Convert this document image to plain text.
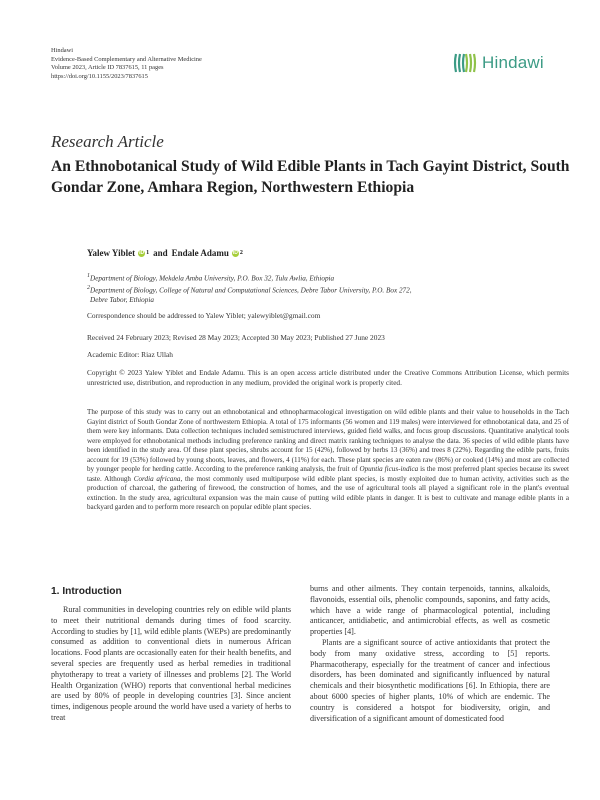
Hindawi
Evidence-Based Complementary and Alternative Medicine
Volume 2023, Article ID 7837615, 11 pages
https://doi.org/10.1155/2023/7837615
Hindawi
Research Article
An Ethnobotanical Study of Wild Edible Plants in Tach Gayint District, South Gondar Zone, Amhara Region, Northwestern Ethiopia
Yalew Yiblet iD 1 and Endale Adamu iD 2
$^1$Department of Biology, Mekdela Amba University, P.O. Box 32, Tulu Awlia, Ethiopia
$^2$Department of Biology, College of Natural and Computational Sciences, Debre Tabor University, P.O. Box 272,
Debre Tabor, Ethiopia
Correspondence should be addressed to Yalew Yiblet; yalewyiblet@gmail.com
Received 24 February 2023; Revised 28 May 2023; Accepted 30 May 2023; Published 27 June 2023
Academic Editor: Riaz Ullah
Copyright © 2023 Yalew Yiblet and Endale Adamu. This is an open access article distributed under the Creative Commons Attribution License, which permits unrestricted use, distribution, and reproduction in any medium, provided the original work is properly cited.
The purpose of this study was to carry out an ethnobotanical and ethnopharmacological investigation on wild edible plants and their value to households in the Tach Gayint district of South Gondar Zone of northwestern Ethiopia. A total of 175 informants (56 women and 119 males) were interviewed for ethnobotanical data, and 25 of them were key informants. Data collection techniques included semistructured interviews, guided field walks, and focus group discussions. Quantitative analytical tools were employed for ethnobotanical methods including preference ranking and direct matrix ranking techniques to analyse the data. 36 species of wild edible plants have been identified in the study area. Of these plant species, shrubs account for 15 (42%), followed by herbs 13 (36%) and trees 8 (22%). Regarding the edible parts, fruits account for 19 (53%) followed by young shoots, leaves, and flowers, 4 (11%) for each. These plant species are eaten raw (86%) or cooked (14%) and most are collected by younger people for herding cattle. According to the preference ranking analysis, the fruit of Opuntia ficus-indica is the most preferred plant species because its sweet taste. Although Cordia africana, the most commonly used multipurpose wild edible plant species, is mostly exploited due to human activity, activities such as the production of charcoal, the gathering of firewood, the construction of homes, and the use of agricultural tools all played a significant role in the plant's eventual extinction. In the study area, agricultural expansion was the main cause of putting wild edible plants in danger. It is best to cultivate and manage edible plants in a backyard garden and to perform more research on popular edible plant species.
1. Introduction

Rural communities in developing countries rely on edible wild plants to meet their nutritional demands during times of food scarcity. According to studies by [1], wild edible plants (WEPs) are predominantly consumed as addition to conventional diets in numerous African locations. Food plants are occasionally eaten for their health benefits, and several species are frequently used as herbal remedies in traditional phytotherapy to treat a variety of illnesses and problems [2]. The World Health Organization (WHO) reports that conventional herbal medicines are used by 80% of people in developing countries [3]. Since ancient times, indigenous people around the world have used a variety of herbs to treat

burns and other ailments. They contain terpenoids, tannins, alkaloids, flavonoids, essential oils, phenolic compounds, saponins, and fatty acids, which have a wide range of pharmacological potential, including anticancer, antidiabetic, and antimicrobial effects, as well as cosmetic properties [4].

Plants are a significant source of active antioxidants that protect the body from many oxidative stress, according to [5] reports. Pharmacotherapy, especially for the treatment of cancer and infectious disorders, has been dominated and significantly influenced by natural chemicals and their biosynthetic modifications [6]. In Ethiopia, there are about 6000 species of higher plants, 10% of which are endemic. The country is considered a hotspot for biodiversity, origin, and diversification of a significant amount of domesticated food
